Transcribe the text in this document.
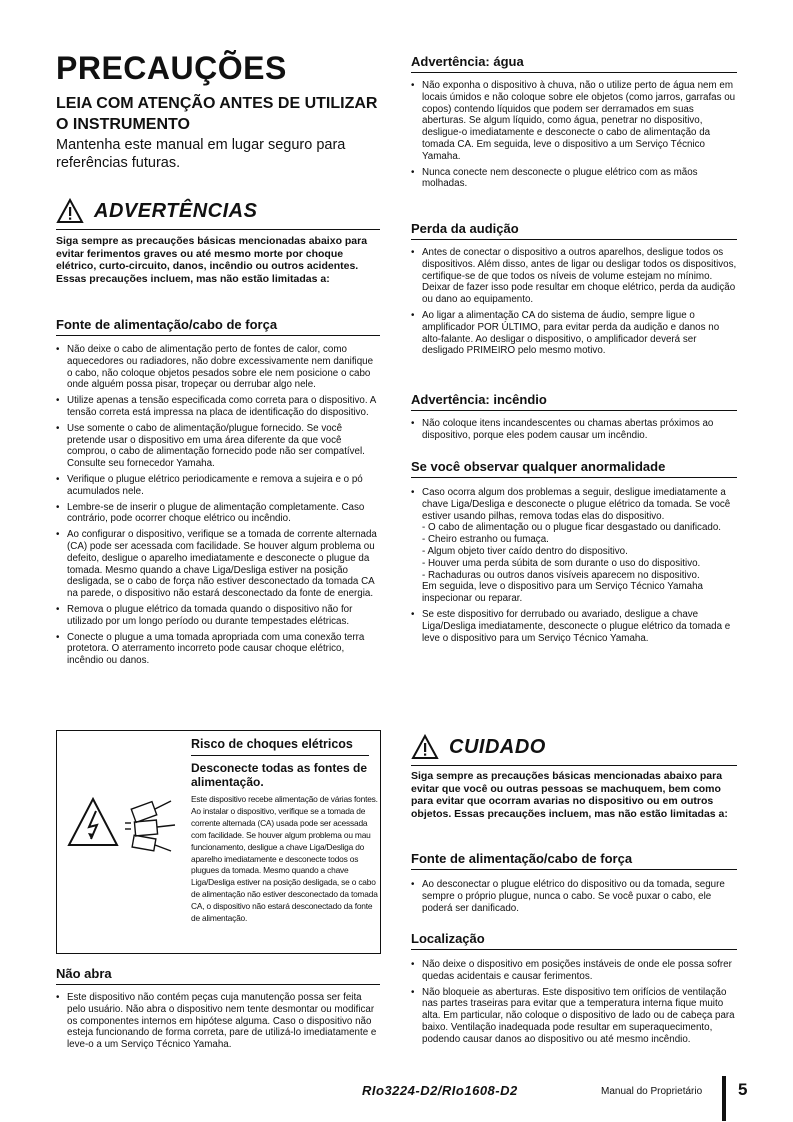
PRECAUÇÕES
LEIA COM ATENÇÃO ANTES DE UTILIZAR O INSTRUMENTO
Mantenha este manual em lugar seguro para referências futuras.
ADVERTÊNCIAS
Siga sempre as precauções básicas mencionadas abaixo para evitar ferimentos graves ou até mesmo morte por choque elétrico, curto-circuito, danos, incêndio ou outros acidentes. Essas precauções incluem, mas não estão limitadas a:
Fonte de alimentação/cabo de força
• Não deixe o cabo de alimentação perto de fontes de calor, como aquecedores ou radiadores, não dobre excessivamente nem danifique o cabo, não coloque objetos pesados sobre ele nem posicione o cabo onde alguém possa pisar, tropeçar ou derrubar algo nele.
• Utilize apenas a tensão especificada como correta para o dispositivo. A tensão correta está impressa na placa de identificação do dispositivo.
• Use somente o cabo de alimentação/plugue fornecido. Se você pretende usar o dispositivo em uma área diferente da que você comprou, o cabo de alimentação fornecido pode não ser compatível. Consulte seu fornecedor Yamaha.
• Verifique o plugue elétrico periodicamente e remova a sujeira e o pó acumulados nele.
• Lembre-se de inserir o plugue de alimentação completamente. Caso contrário, pode ocorrer choque elétrico ou incêndio.
• Ao configurar o dispositivo, verifique se a tomada de corrente alternada (CA) pode ser acessada com facilidade. Se houver algum problema ou defeito, desligue o aparelho imediatamente e desconecte o plugue da tomada. Mesmo quando a chave Liga/Desliga estiver na posição desligada, se o cabo de força não estiver desconectado da tomada CA na parede, o dispositivo não estará desconectado da fonte de energia.
• Remova o plugue elétrico da tomada quando o dispositivo não for utilizado por um longo período ou durante tempestades elétricas.
• Conecte o plugue a uma tomada apropriada com uma conexão terra protetora. O aterramento incorreto pode causar choque elétrico, incêndio ou danos.
Risco de choques elétricos
Desconecte todas as fontes de alimentação.
Este dispositivo recebe alimentação de várias fontes. Ao instalar o dispositivo, verifique se a tomada de corrente alternada (CA) usada pode ser acessada com facilidade. Se houver algum problema ou mau funcionamento, desligue a chave Liga/Desliga do aparelho imediatamente e desconecte todos os plugues da tomada. Mesmo quando a chave Liga/Desliga estiver na posição desligada, se o cabo de alimentação não estiver desconectado da tomada CA, o dispositivo não estará desconectado da fonte de alimentação.
Não abra
• Este dispositivo não contém peças cuja manutenção possa ser feita pelo usuário. Não abra o dispositivo nem tente desmontar ou modificar os componentes internos em hipótese alguma. Caso o dispositivo não esteja funcionando de forma correta, pare de utilizá-lo imediatamente e leve-o a um Serviço Técnico Yamaha.
Advertência: água
• Não exponha o dispositivo à chuva, não o utilize perto de água nem em locais úmidos e não coloque sobre ele objetos (como jarros, garrafas ou copos) contendo líquidos que podem ser derramados em suas aberturas. Se algum líquido, como água, penetrar no dispositivo, desligue-o imediatamente e desconecte o cabo de alimentação da tomada CA. Em seguida, leve o dispositivo a um Serviço Técnico Yamaha.
• Nunca conecte nem desconecte o plugue elétrico com as mãos molhadas.
Perda da audição
• Antes de conectar o dispositivo a outros aparelhos, desligue todos os dispositivos. Além disso, antes de ligar ou desligar todos os dispositivos, certifique-se de que todos os níveis de volume estejam no mínimo. Deixar de fazer isso pode resultar em choque elétrico, perda da audição ou dano ao equipamento.
• Ao ligar a alimentação CA do sistema de áudio, sempre ligue o amplificador POR ÚLTIMO, para evitar perda da audição e danos no alto-falante. Ao desligar o dispositivo, o amplificador deverá ser desligado PRIMEIRO pelo mesmo motivo.
Advertência: incêndio
• Não coloque itens incandescentes ou chamas abertas próximos ao dispositivo, porque eles podem causar um incêndio.
Se você observar qualquer anormalidade
• Caso ocorra algum dos problemas a seguir, desligue imediatamente a chave Liga/Desliga e desconecte o plugue elétrico da tomada. Se você estiver usando pilhas, remova todas elas do dispositivo.
- O cabo de alimentação ou o plugue ficar desgastado ou danificado.
- Cheiro estranho ou fumaça.
- Algum objeto tiver caído dentro do dispositivo.
- Houver uma perda súbita de som durante o uso do dispositivo.
- Rachaduras ou outros danos visíveis aparecem no dispositivo.
Em seguida, leve o dispositivo para um Serviço Técnico Yamaha inspecionar ou reparar.
• Se este dispositivo for derrubado ou avariado, desligue a chave Liga/Desliga imediatamente, desconecte o plugue elétrico da tomada e leve o dispositivo para um Serviço Técnico Yamaha.
CUIDADO
Siga sempre as precauções básicas mencionadas abaixo para evitar que você ou outras pessoas se machuquem, bem como para evitar que ocorram avarias no dispositivo ou em outros objetos. Essas precauções incluem, mas não estão limitadas a:
Fonte de alimentação/cabo de força
• Ao desconectar o plugue elétrico do dispositivo ou da tomada, segure sempre o próprio plugue, nunca o cabo. Se você puxar o cabo, ele poderá ser danificado.
Localização
• Não deixe o dispositivo em posições instáveis de onde ele possa sofrer quedas acidentais e causar ferimentos.
• Não bloqueie as aberturas. Este dispositivo tem orifícios de ventilação nas partes traseiras para evitar que a temperatura interna fique muito alta. Em particular, não coloque o dispositivo de lado ou de cabeça para baixo. Ventilação inadequada pode resultar em superaquecimento, podendo causar danos ao dispositivo ou até mesmo incêndio.
RIo3224-D2/RIo1608-D2	Manual do Proprietário 5
